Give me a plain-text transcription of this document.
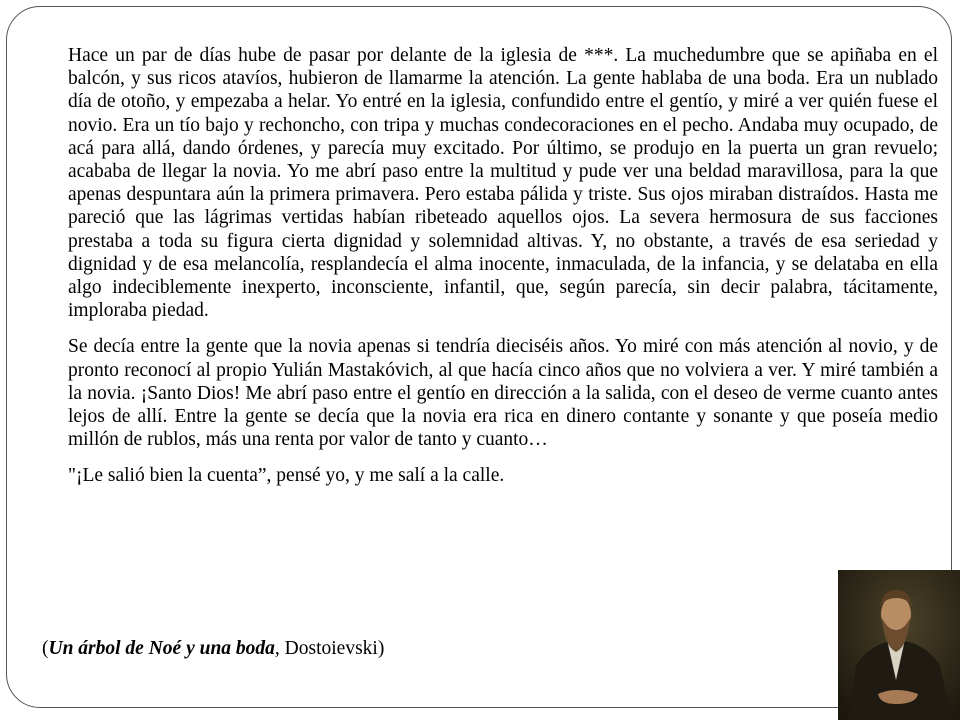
Hace un par de días hube de pasar por delante de la iglesia de ***. La muchedumbre que se apiñaba en el balcón, y sus ricos atavíos, hubieron de llamarme la atención. La gente hablaba de una boda. Era un nublado día de otoño, y empezaba a helar. Yo entré en la iglesia, confundido entre el gentío, y miré a ver quién fuese el novio. Era un tío bajo y rechoncho, con tripa y muchas condecoraciones en el pecho. Andaba muy ocupado, de acá para allá, dando órdenes, y parecía muy excitado. Por último, se produjo en la puerta un gran revuelo; acababa de llegar la novia. Yo me abrí paso entre la multitud y pude ver una beldad maravillosa, para la que apenas despuntara aún la primera primavera. Pero estaba pálida y triste. Sus ojos miraban distraídos. Hasta me pareció que las lágrimas vertidas habían ribeteado aquellos ojos. La severa hermosura de sus facciones prestaba a toda su figura cierta dignidad y solemnidad altivas. Y, no obstante, a través de esa seriedad y dignidad y de esa melancolía, resplandecía el alma inocente, inmaculada, de la infancia, y se delataba en ella algo indeciblemente inexperto, inconsciente, infantil, que, según parecía, sin decir palabra, tácitamente, imploraba piedad.

Se decía entre la gente que la novia apenas si tendría dieciséis años. Yo miré con más atención al novio, y de pronto reconocí al propio Yulián Mastakóvich, al que hacía cinco años que no volviera a ver. Y miré también a la novia. ¡Santo Dios! Me abrí paso entre el gentío en dirección a la salida, con el deseo de verme cuanto antes lejos de allí. Entre la gente se decía que la novia era rica en dinero contante y sonante y que poseía medio millón de rublos, más una renta por valor de tanto y cuanto…

"¡Le salió bien la cuenta”, pensé yo, y me salí a la calle.

(Un árbol de Noé y una boda, Dostoievski)
